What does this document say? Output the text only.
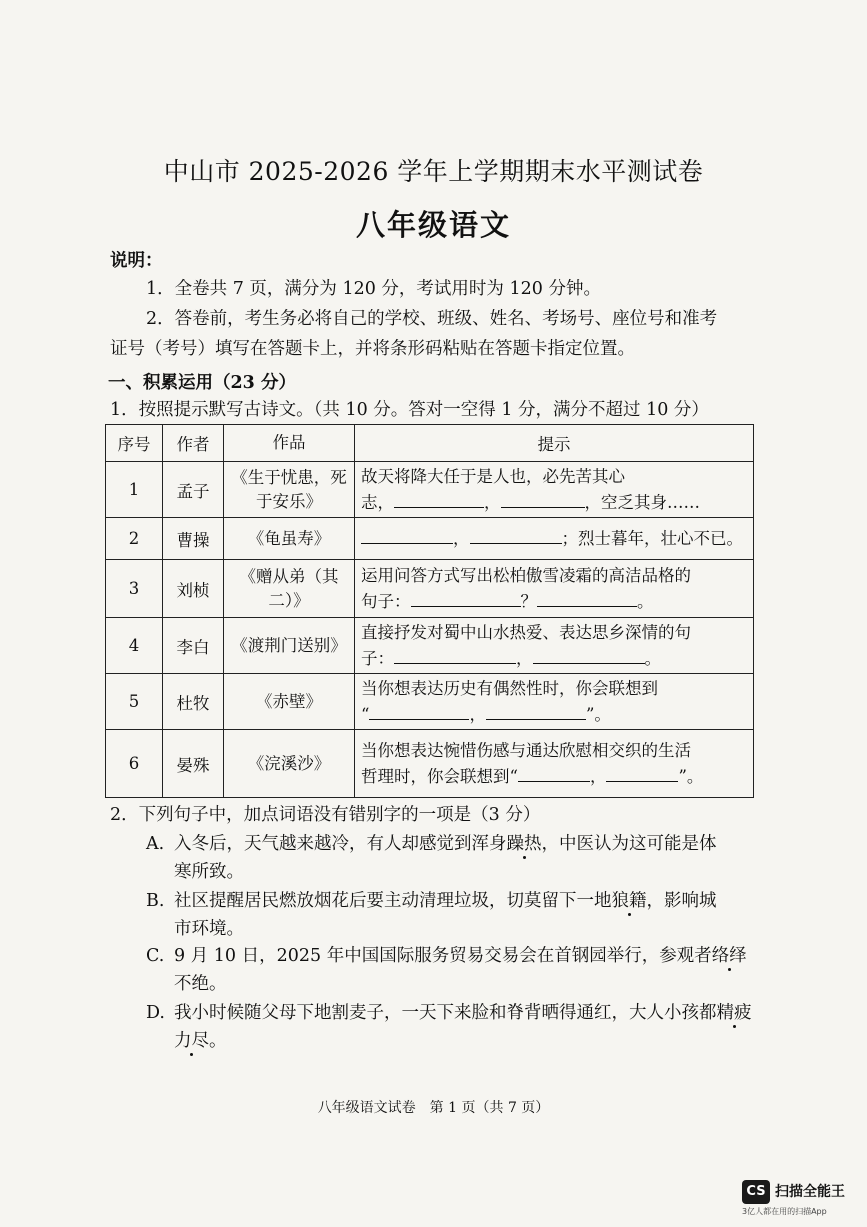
中山市 2025-2026 学年上学期期末水平测试卷
八年级语文
说明：
1．全卷共 7 页，满分为 120 分，考试用时为 120 分钟。
2．答卷前，考生务必将自己的学校、班级、姓名、考场号、座位号和准考
证号（考号）填写在答题卡上，并将条形码粘贴在答题卡指定位置。
一、积累运用（23 分）
1．按照提示默写古诗文。（共 10 分。答对一空得 1 分，满分不超过 10 分）
序号	作者	作品	提示
1	孟子	《生于忧患，死于安乐》	故天将降大任于是人也，必先苦其心
志， ， ，空乏其身……
2	曹操	《龟虽寿》	， ；烈士暮年，壮心不已。
3	刘桢	《赠从弟（其二）》	运用问答方式写出松柏傲雪凌霜的高洁品格的
句子： ？ 。
4	李白	《渡荆门送别》	直接抒发对蜀中山水热爱、表达思乡深情的句
子： ， 。
5	杜牧	《赤壁》	当你想表达历史有偶然性时，你会联想到
“ ， ”。
6	晏殊	《浣溪沙》	当你想表达惋惜伤感与通达欣慰相交织的生活
哲理时，你会联想到“ ， ”。
2．下列句子中，加点词语没有错别字的一项是（3 分）
A. 入冬后，天气越来越冷，有人却感觉到浑身躁热，中医认为这可能是体
寒所致。
B. 社区提醒居民燃放烟花后要主动清理垃圾，切莫留下一地狼籍，影响城
市环境。
C. 9 月 10 日，2025 年中国国际服务贸易交易会在首钢园举行，参观者络绎
不绝。
D. 我小时候随父母下地割麦子，一天下来脸和脊背晒得通红，大人小孩都精疲
力尽。
八年级语文试卷　第 1 页（共 7 页）
CS 扫描全能王
3亿人都在用的扫描App
